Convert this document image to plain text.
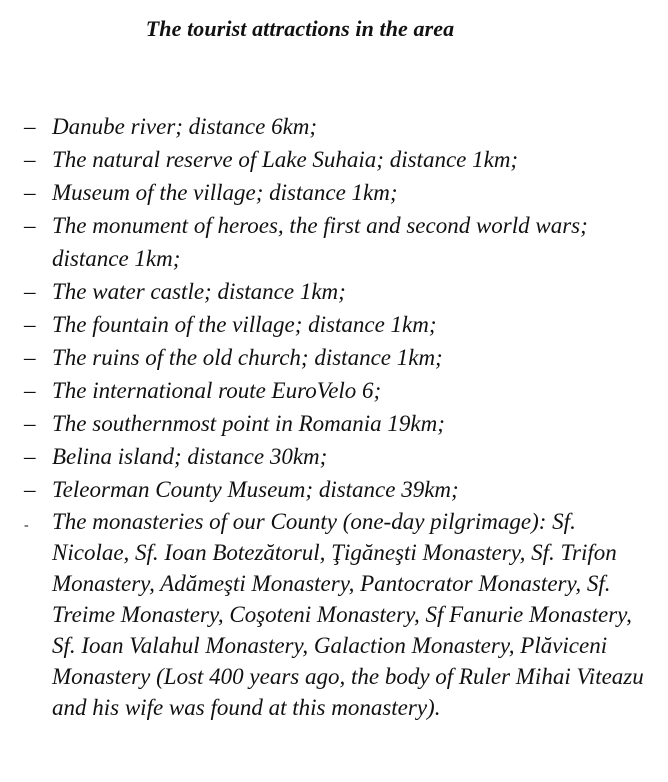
The tourist attractions in the area
– Danube river; distance 6km;
– The natural reserve of Lake Suhaia; distance 1km;
– Museum of the village; distance 1km;
– The monument of heroes, the first and second world wars; distance 1km;
– The water castle; distance 1km;
– The fountain of the village; distance 1km;
– The ruins of the old church; distance 1km;
– The international route EuroVelo 6;
– The southernmost point in Romania 19km;
– Belina island; distance 30km;
– Teleorman County Museum; distance 39km;
-	The monasteries of our County (one-day pilgrimage): Sf. Nicolae, Sf. Ioan Botezătorul, Ţigăneşti Monastery, Sf. Trifon Monastery, Adămeşti Monastery, Pantocrator Monastery, Sf. Treime Monastery, Coşoteni Monastery, Sf Fanurie Monastery, Sf. Ioan Valahul Monastery, Galaction Monastery, Plăviceni Monastery (Lost 400 years ago, the body of Ruler Mihai Viteazu and his wife was found at this monastery).
